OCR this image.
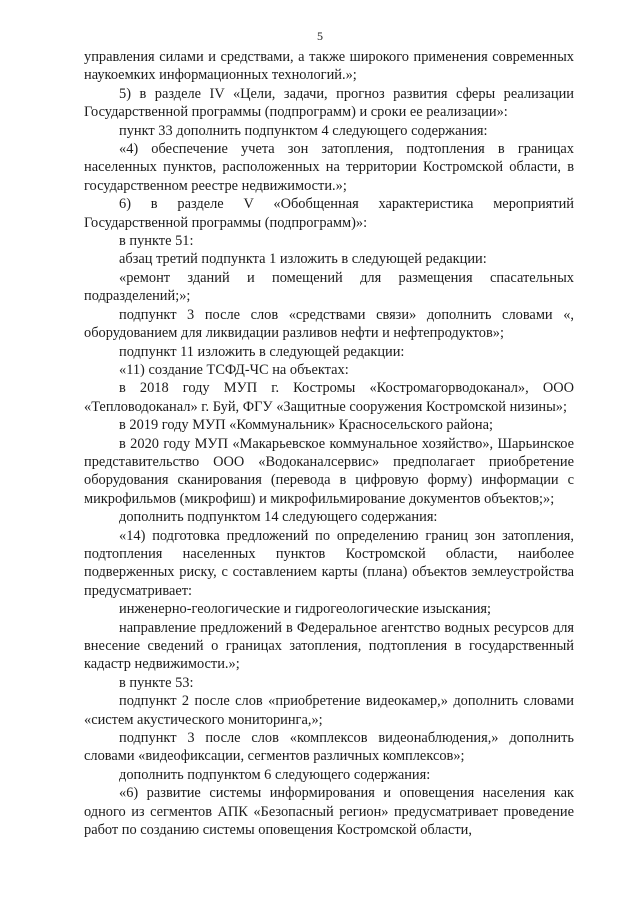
5

управления силами и средствами, а также широкого применения современных наукоемких информационных технологий.»;

5) в разделе IV «Цели, задачи, прогноз развития сферы реализации Государственной программы (подпрограмм) и сроки ее реализации»:

пункт 33 дополнить подпунктом 4 следующего содержания:

«4) обеспечение учета зон затопления, подтопления в границах населенных пунктов, расположенных на территории Костромской области, в государственном реестре недвижимости.»;

6) в разделе V «Обобщенная характеристика мероприятий Государственной программы (подпрограмм)»:

в пункте 51:

абзац третий подпункта 1 изложить в следующей редакции:

«ремонт зданий и помещений для размещения спасательных подразделений;»;

подпункт 3 после слов «средствами связи» дополнить словами «, оборудованием для ликвидации разливов нефти и нефтепродуктов»;

подпункт 11 изложить в следующей редакции:

«11) создание ТСФД-ЧС на объектах:

в 2018 году МУП г. Костромы «Костромагорводоканал», ООО «Тепловодоканал» г. Буй, ФГУ «Защитные сооружения Костромской низины»;

в 2019 году МУП «Коммунальник» Красносельского района;

в 2020 году МУП «Макарьевское коммунальное хозяйство», Шарьинское представительство ООО «Водоканалсервис» предполагает приобретение оборудования сканирования (перевода в цифровую форму) информации с микрофильмов (микрофиш) и микрофильмирование документов объектов;»;

дополнить подпунктом 14 следующего содержания:

«14) подготовка предложений по определению границ зон затопления, подтопления населенных пунктов Костромской области, наиболее подверженных риску, с составлением карты (плана) объектов землеустройства предусматривает:

инженерно-геологические и гидрогеологические изыскания;

направление предложений в Федеральное агентство водных ресурсов для внесение сведений о границах затопления, подтопления в государственный кадастр недвижимости.»;

в пункте 53:

подпункт 2 после слов «приобретение видеокамер,» дополнить словами «систем акустического мониторинга,»;

подпункт 3 после слов «комплексов видеонаблюдения,» дополнить словами «видеофиксации, сегментов различных комплексов»;

дополнить подпунктом 6 следующего содержания:

«6) развитие системы информирования и оповещения населения как одного из сегментов АПК «Безопасный регион» предусматривает проведение работ по созданию системы оповещения Костромской области,
